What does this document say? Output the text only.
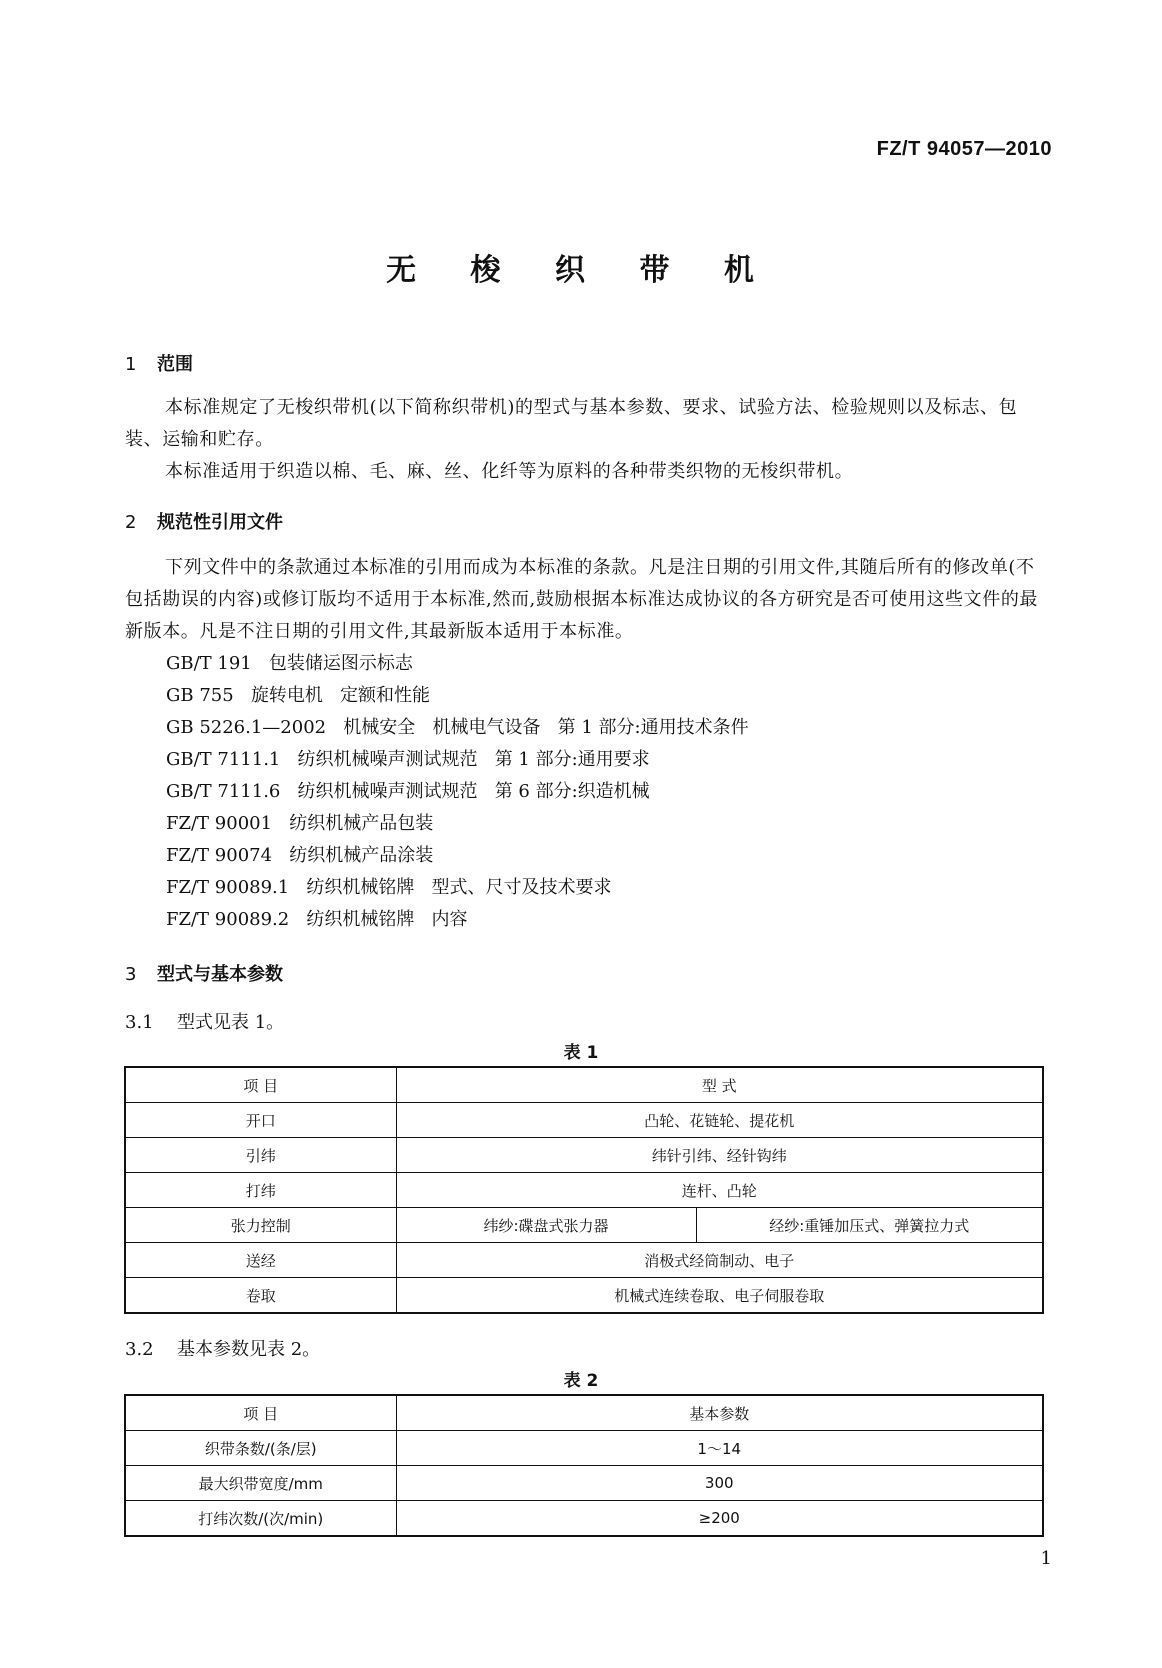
FZ/T 94057—2010
无 梭 织 带 机
1 范围
本标准规定了无梭织带机(以下简称织带机)的型式与基本参数、要求、试验方法、检验规则以及标志、包装、运输和贮存。
本标准适用于织造以棉、毛、麻、丝、化纤等为原料的各种带类织物的无梭织带机。
2 规范性引用文件
下列文件中的条款通过本标准的引用而成为本标准的条款。凡是注日期的引用文件,其随后所有的修改单(不包括勘误的内容)或修订版均不适用于本标准,然而,鼓励根据本标准达成协议的各方研究是否可使用这些文件的最新版本。凡是不注日期的引用文件,其最新版本适用于本标准。
GB/T 191   包装储运图示标志
GB 755   旋转电机   定额和性能
GB 5226.1—2002   机械安全   机械电气设备   第 1 部分:通用技术条件
GB/T 7111.1   纺织机械噪声测试规范   第 1 部分:通用要求
GB/T 7111.6   纺织机械噪声测试规范   第 6 部分:织造机械
FZ/T 90001   纺织机械产品包装
FZ/T 90074   纺织机械产品涂装
FZ/T 90089.1   纺织机械铭牌   型式、尺寸及技术要求
FZ/T 90089.2   纺织机械铭牌   内容
3 型式与基本参数
3.1 型式见表 1。
表 1
项 目	型 式	
开口	凸轮、花链轮、提花机	
引纬	纬针引纬、经针钩纬	
打纬	连杆、凸轮	
张力控制	纬纱:碟盘式张力器	经纱:重锤加压式、弹簧拉力式
送经	消极式经筒制动、电子	
卷取	机械式连续卷取、电子伺服卷取	
3.2 基本参数见表 2。
表 2
项 目	基本参数
织带条数/(条/层)	1～14
最大织带宽度/mm	300
打纬次数/(次/min)	≥200
1
